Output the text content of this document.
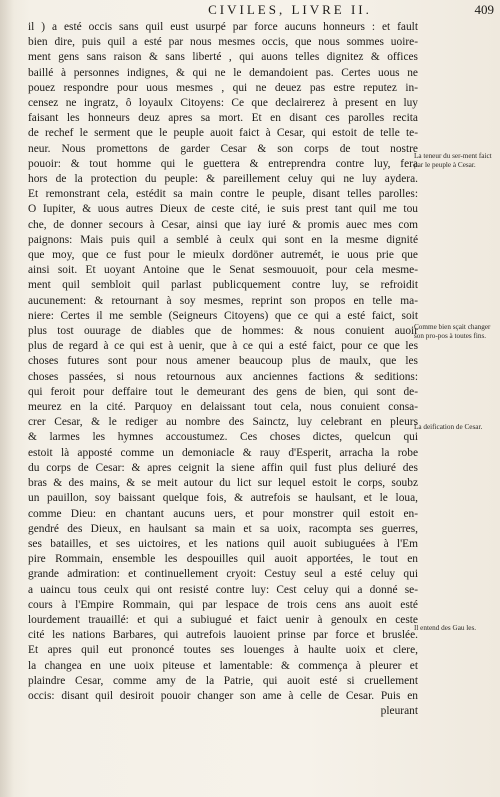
CIVILES, LIVRE II.	409
il ) a esté occis sans quil eust usurpé par force aucuns honneurs : et fault
bien dire, puis quil a esté par nous mesmes occis, que nous sommes uoire-
ment gens sans raison & sans liberté , qui auons telles dignitez & offices
baillé à personnes indignes, & qui ne le demandoient pas. Certes uous ne
pouez respondre pour uous mesmes , qui ne deuez pas estre reputez in-
censez ne ingratz, ô loyaulx Citoyens: Ce que declairerez à present en luy
faisant les honneurs deuz apres sa mort. Et en disant ces parolles recita
de rechef le serment que le peuple auoit faict à Cesar, qui estoit de telle te-
neur. Nous promettons de garder Cesar & son corps de tout nostre
pouoir: & tout homme qui le guettera & entreprendra contre luy, fera
hors de la protection du peuple: & pareillement celuy qui ne luy aydera.
Et remonstrant cela, estédit sa main contre le peuple, disant telles parolles:
O Iupiter, & uous autres Dieux de ceste cité, ie suis prest tant quil me tou
che, de donner secours à Cesar, ainsi que iay iuré & promis auec mes com
paignons: Mais puis quil a semblé à ceulx qui sont en la mesme dignité
que moy, que ce fust pour le mieulx dordöner autremét, ie uous prie que
ainsi soit. Et uoyant Antoine que le Senat sesmouuoit, pour cela mesme-
ment quil sembloit quil parlast publicquement contre luy, se refroidit
aucunement: & retournant à soy mesmes, reprint son propos en telle ma-
niere: Certes il me semble (Seigneurs Citoyens) que ce qui a esté faict, soit
plus tost ouurage de diables que de hommes: & nous conuient auoir
plus de regard à ce qui est à uenir, que à ce qui a esté faict, pour ce que les
choses futures sont pour nous amener beaucoup plus de maulx, que les
choses passées, si nous retournous aux anciennes factions & seditions:
qui feroit pour deffaire tout le demeurant des gens de bien, qui sont de-
meurez en la cité. Parquoy en delaissant tout cela, nous conuient consa-
crer Cesar, & le rediger au nombre des Sainctz, luy celebrant en pleurs
& larmes les hymnes accoustumez. Ces choses dictes, quelcun qui
estoit là apposté comme un demoniacle & rauy d'Esperit, arracha la robe
du corps de Cesar: & apres ceignit la siene affin quil fust plus deliuré des
bras & des mains, & se meit autour du lict sur lequel estoit le corps, soubz
un pauillon, soy baissant quelque fois, & autrefois se haulsant, et le loua,
comme Dieu: en chantant aucuns uers, et pour monstrer quil estoit en-
gendré des Dieux, en haulsant sa main et sa uoix, racompta ses guerres,
ses batailles, et ses uictoires, et les nations quil auoit subiuguées à l'Em
pire Rommain, ensemble les despouilles quil auoit apportées, le tout en
grande admiration: et continuellement cryoit: Cestuy seul a esté celuy qui
a uaincu tous ceulx qui ont resisté contre luy: Cest celuy qui a donné se-
cours à l'Empire Rommain, qui par lespace de trois cens ans auoit esté
lourdement trauaillé: et qui a subiugué et faict uenir à genoulx en ceste
cité les nations Barbares, qui autrefois lauoient prinse par force et bruslée.
Et apres quil eut prononcé toutes ses louenges à haulte uoix et clere,
la changea en une uoix piteuse et lamentable: & commença à pleurer et
plaindre Cesar, comme amy de la Patrie, qui auoit esté si cruellement
occis: disant quil desiroit pouoir changer son ame à celle de Cesar. Puis en
pleurant
La teneur du ser-ment faict par le peuple à Cesar.
Comme bien sçait changer son pro-pos à toutes fins.
La deification de Cesar.
Il entend des Gau les.
